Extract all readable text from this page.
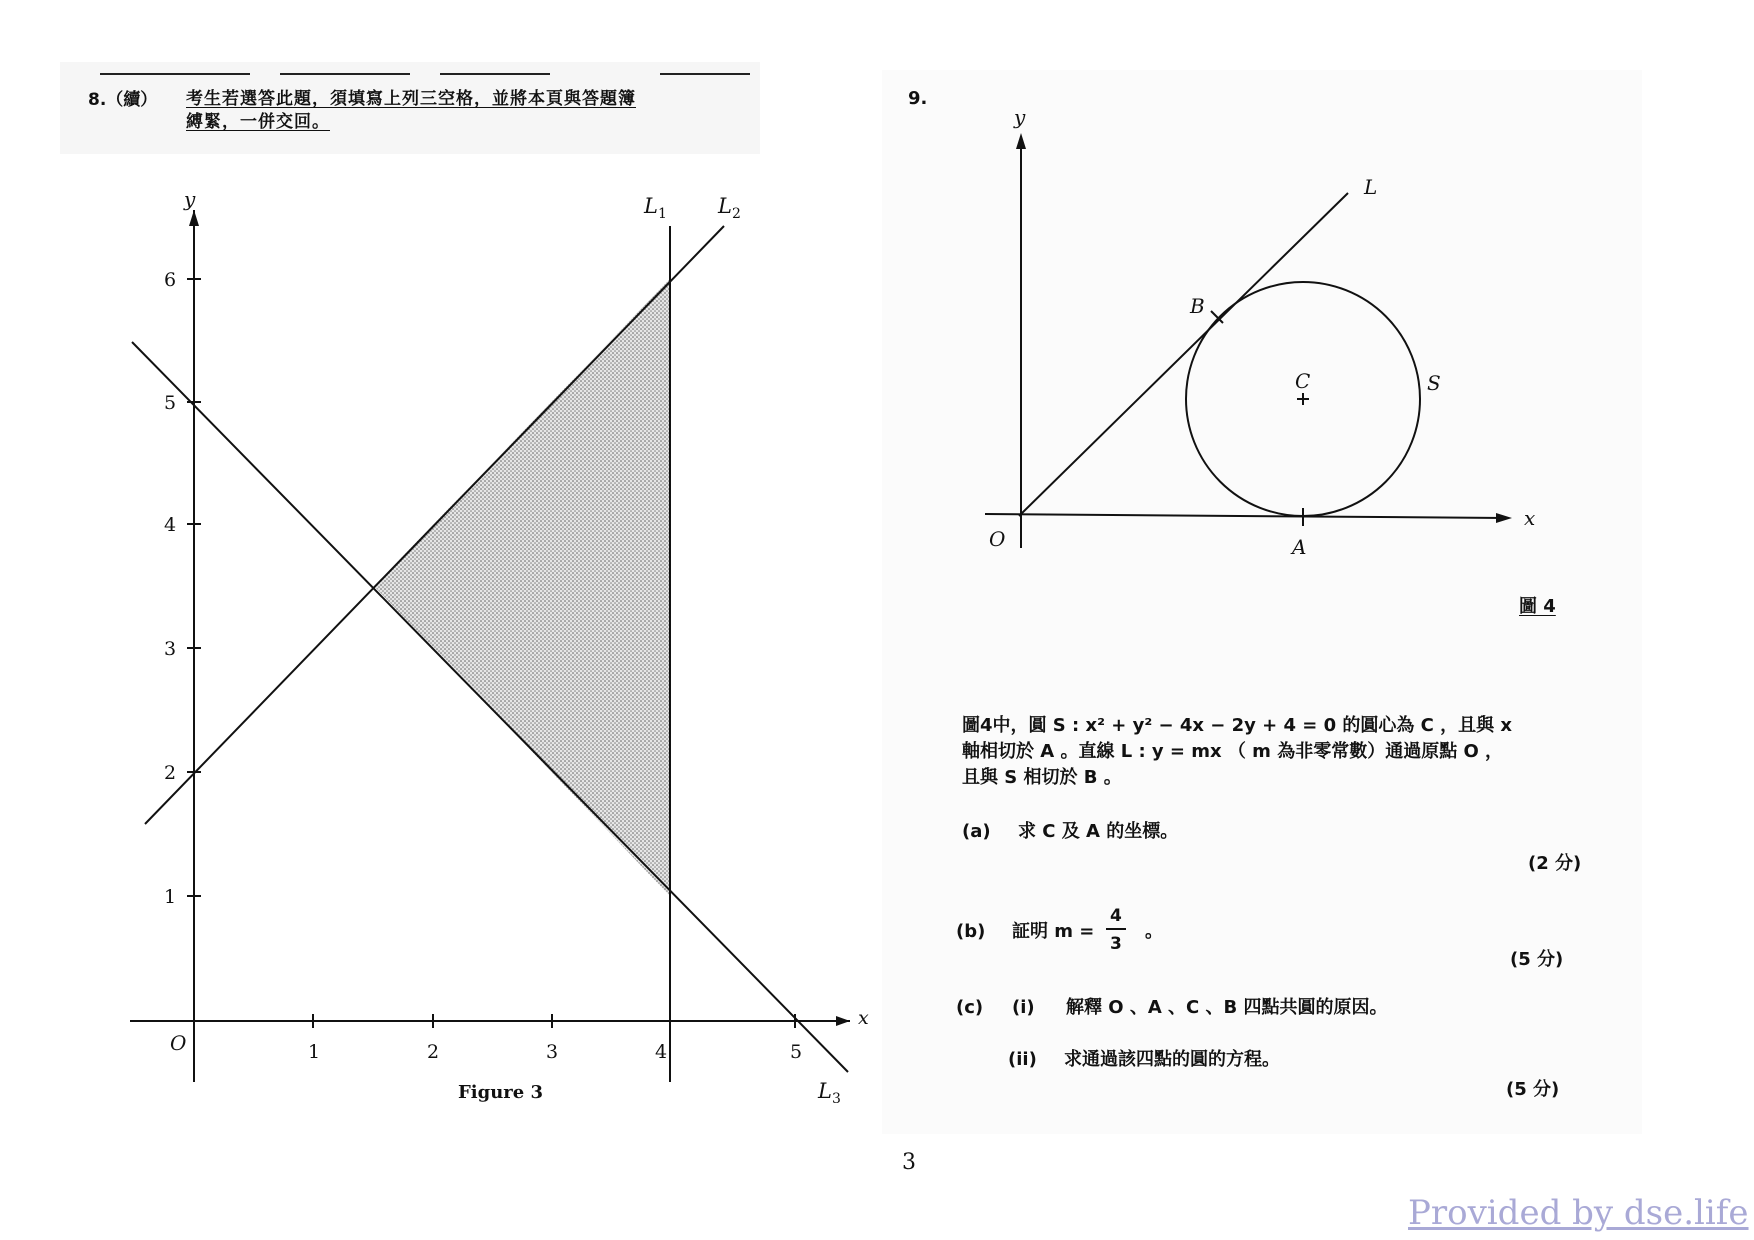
8.（續） 考生若選答此題，須填寫上列三空格，並將本頁與答題簿
縛緊，一併交回。
1	2	3	4	5
1
2
3
4
5
6
O
x
y	$L_1$ $L_2$
$L_3$
Figure 3
9.
y
x
O	A
B
C	S
L
圖 4
圖4中，圓 S : x² + y² − 4x − 2y + 4 = 0 的圓心為 C ，且與 x
軸相切於 A 。直線 L : y = mx （ m 為非零常數）通過原點 O ，
且與 S 相切於 B 。
(a) 求 C 及 A 的坐標。
(2 分)
(b) 証明 m =
4
3
。
(5 分)
(c) (i) 解釋 O 、A 、C 、B 四點共圓的原因。
(ii) 求通過該四點的圓的方程。
(5 分)
3
Provided by dse.life
